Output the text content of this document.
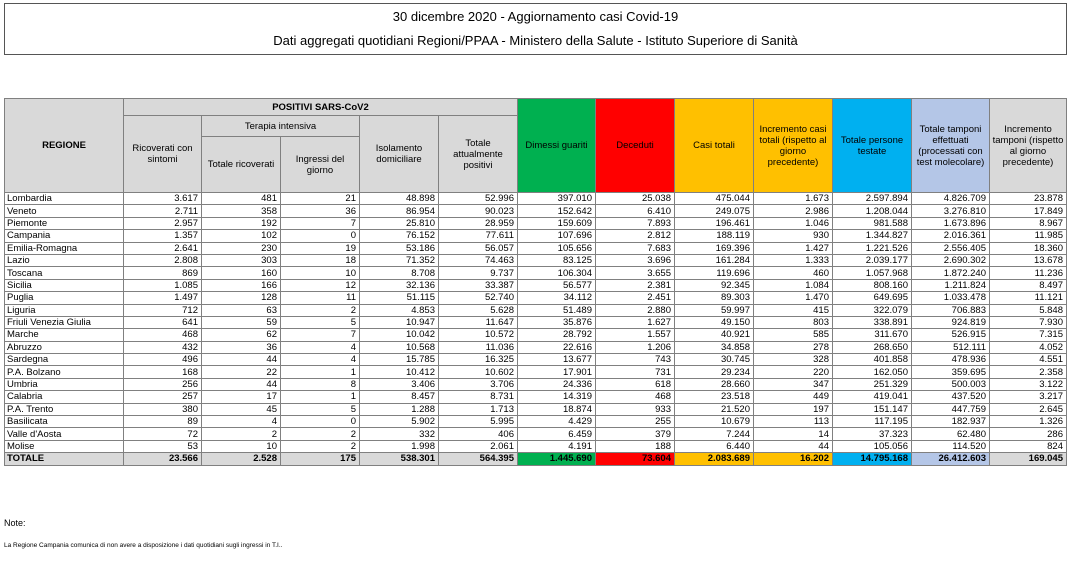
30 dicembre 2020 - Aggiornamento casi Covid-19
Dati aggregati quotidiani Regioni/PPAA - Ministero della Salute - Istituto Superiore di Sanità
REGIONE	POSITIVI SARS-CoV2					Dimessi guariti	Deceduti	Casi totali	Incremento casi totali (rispetto al giorno precedente)	Totale persone testate	Totale tamponi effettuati (processati con test molecolare)	Incremento tamponi (rispetto al giorno precedente)
	Ricoverati con sintomi	Terapia intensiva		Isolamento domiciliare	Totale attualmente positivi							
		Totale ricoverati	Ingressi del giorno									
Lombardia	3.617	481	21	48.898	52.996	397.010	25.038	475.044	1.673	2.597.894	4.826.709	23.878
Veneto	2.711	358	36	86.954	90.023	152.642	6.410	249.075	2.986	1.208.044	3.276.810	17.849
Piemonte	2.957	192	7	25.810	28.959	159.609	7.893	196.461	1.046	981.588	1.673.896	8.967
Campania	1.357	102	0	76.152	77.611	107.696	2.812	188.119	930	1.344.827	2.016.361	11.985
Emilia-Romagna	2.641	230	19	53.186	56.057	105.656	7.683	169.396	1.427	1.221.526	2.556.405	18.360
Lazio	2.808	303	18	71.352	74.463	83.125	3.696	161.284	1.333	2.039.177	2.690.302	13.678
Toscana	869	160	10	8.708	9.737	106.304	3.655	119.696	460	1.057.968	1.872.240	11.236
Sicilia	1.085	166	12	32.136	33.387	56.577	2.381	92.345	1.084	808.160	1.211.824	8.497
Puglia	1.497	128	11	51.115	52.740	34.112	2.451	89.303	1.470	649.695	1.033.478	11.121
Liguria	712	63	2	4.853	5.628	51.489	2.880	59.997	415	322.079	706.883	5.848
Friuli Venezia Giulia	641	59	5	10.947	11.647	35.876	1.627	49.150	803	338.891	924.819	7.930
Marche	468	62	7	10.042	10.572	28.792	1.557	40.921	585	311.670	526.915	7.315
Abruzzo	432	36	4	10.568	11.036	22.616	1.206	34.858	278	268.650	512.111	4.052
Sardegna	496	44	4	15.785	16.325	13.677	743	30.745	328	401.858	478.936	4.551
P.A. Bolzano	168	22	1	10.412	10.602	17.901	731	29.234	220	162.050	359.695	2.358
Umbria	256	44	8	3.406	3.706	24.336	618	28.660	347	251.329	500.003	3.122
Calabria	257	17	1	8.457	8.731	14.319	468	23.518	449	419.041	437.520	3.217
P.A. Trento	380	45	5	1.288	1.713	18.874	933	21.520	197	151.147	447.759	2.645
Basilicata	89	4	0	5.902	5.995	4.429	255	10.679	113	117.195	182.937	1.326
Valle d'Aosta	72	2	2	332	406	6.459	379	7.244	14	37.323	62.480	286
Molise	53	10	2	1.998	2.061	4.191	188	6.440	44	105.056	114.520	824
TOTALE	23.566	2.528	175	538.301	564.395	1.445.690	73.604	2.083.689	16.202	14.795.168	26.412.603	169.045
Note:
La Regione Campania comunica di non avere a disposizione i dati quotidiani sugli ingressi in T.I..
